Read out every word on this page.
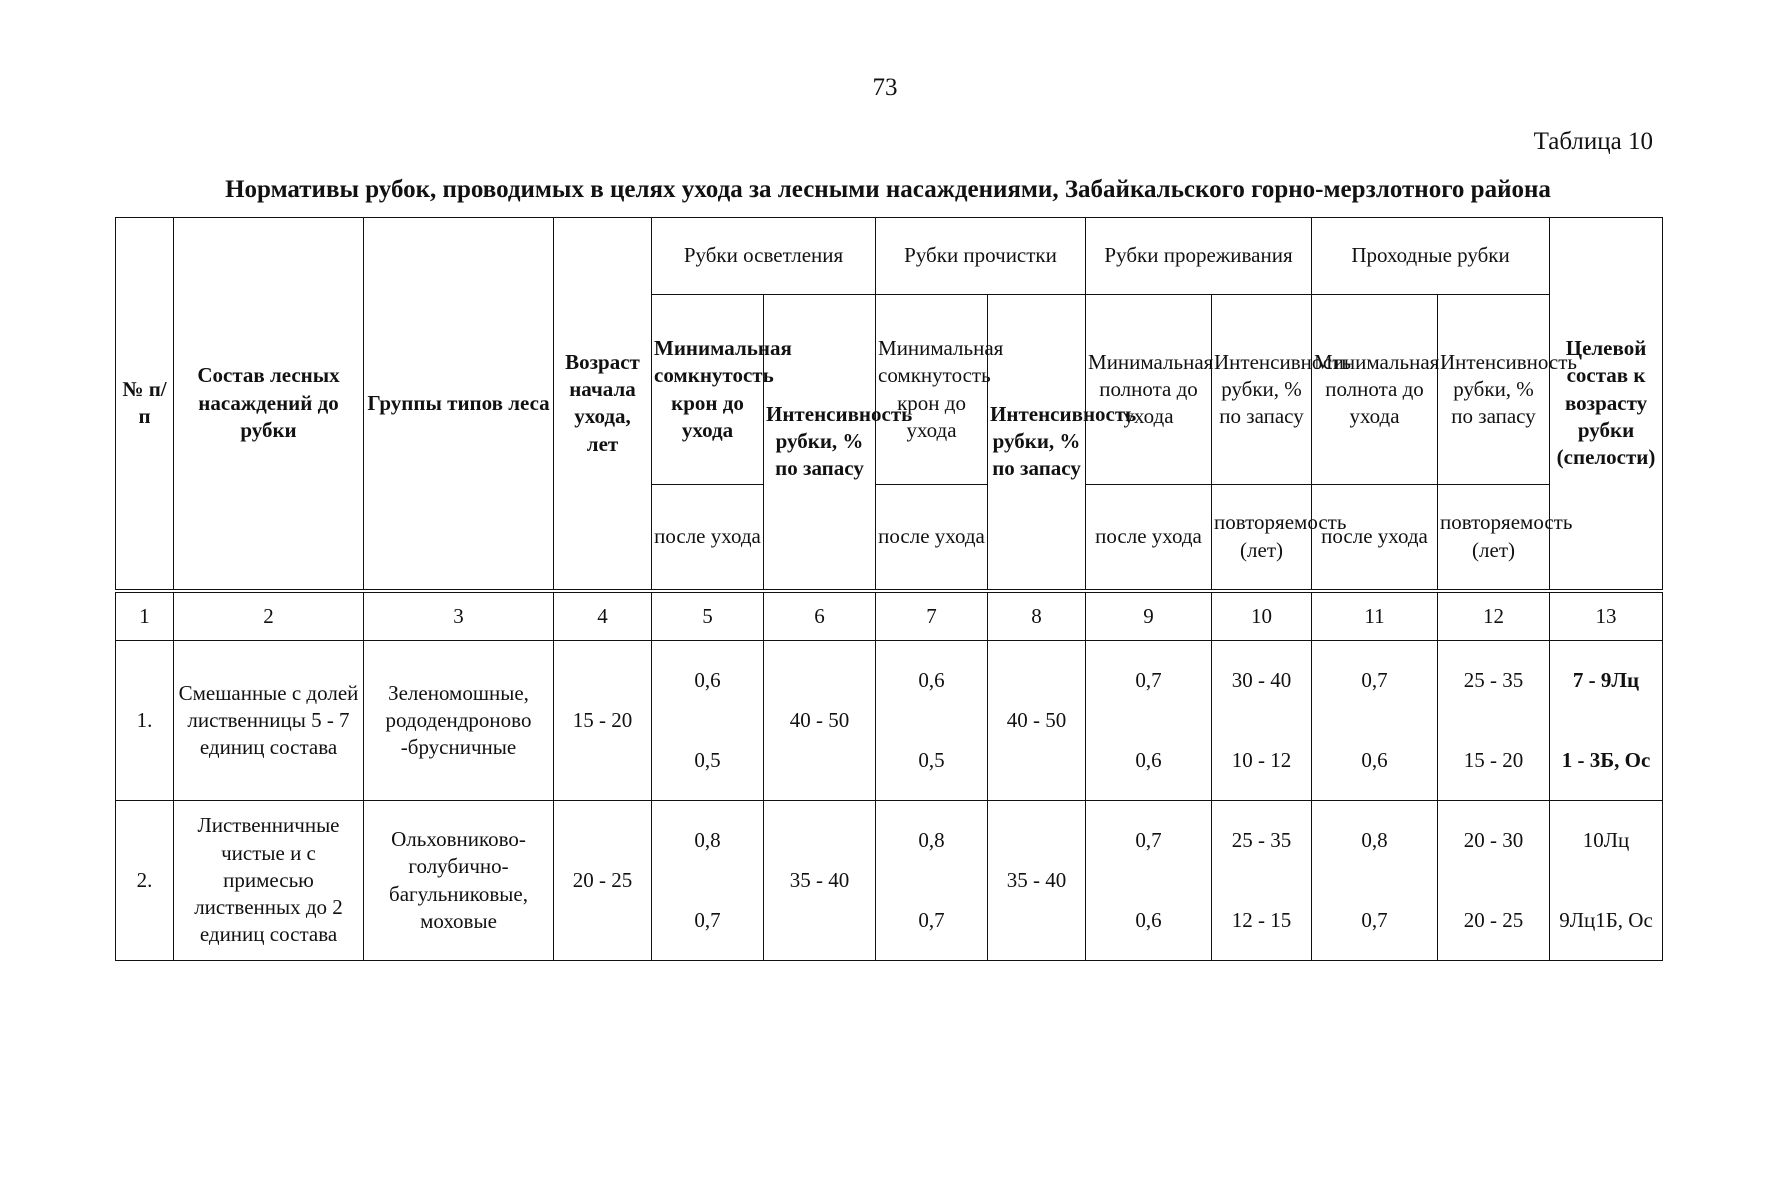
73
Таблица 10
Нормативы рубок, проводимых в целях ухода за лесными насаждениями, Забайкальского горно-мерзлотного района
№ п/п	Состав лесных насаждений до рубки	Группы типов леса	Возраст начала ухода, лет	Рубки осветления		Рубки прочистки		Рубки прореживания		Проходные рубки		Целевой состав к возрасту рубки (спелости)
				Минимальная сомкнутость крон до ухода	Интенсивность рубки, % по запасу	Минимальная сомкнутость крон до ухода	Интенсивность рубки, % по запасу	Минимальная полнота до ухода	Интенсивность рубки, % по запасу	Минимальная полнота до ухода	Интенсивность рубки, % по запасу	
				после ухода		после ухода		после ухода	повторяемость (лет)	после ухода	повторяемость (лет)	
1	2	3	4	5	6	7	8	9	10	11	12	13
1.	Смешанные с долей лиственницы 5 - 7 единиц состава	Зеленомошные, рододендроново -брусничные	15 - 20	0,6	40 - 50	0,6	40 - 50	0,7	30 - 40	0,7	25 - 35	7 - 9Лц
				0,5		0,5		0,6	10 - 12	0,6	15 - 20	1 - 3Б, Ос
2.	Лиственничные чистые и с примесью лиственных до 2 единиц состава	Ольховниково-голубично-багульниковые, моховые	20 - 25	0,8	35 - 40	0,8	35 - 40	0,7	25 - 35	0,8	20 - 30	10Лц
				0,7		0,7		0,6	12 - 15	0,7	20 - 25	9Лц1Б, Ос
